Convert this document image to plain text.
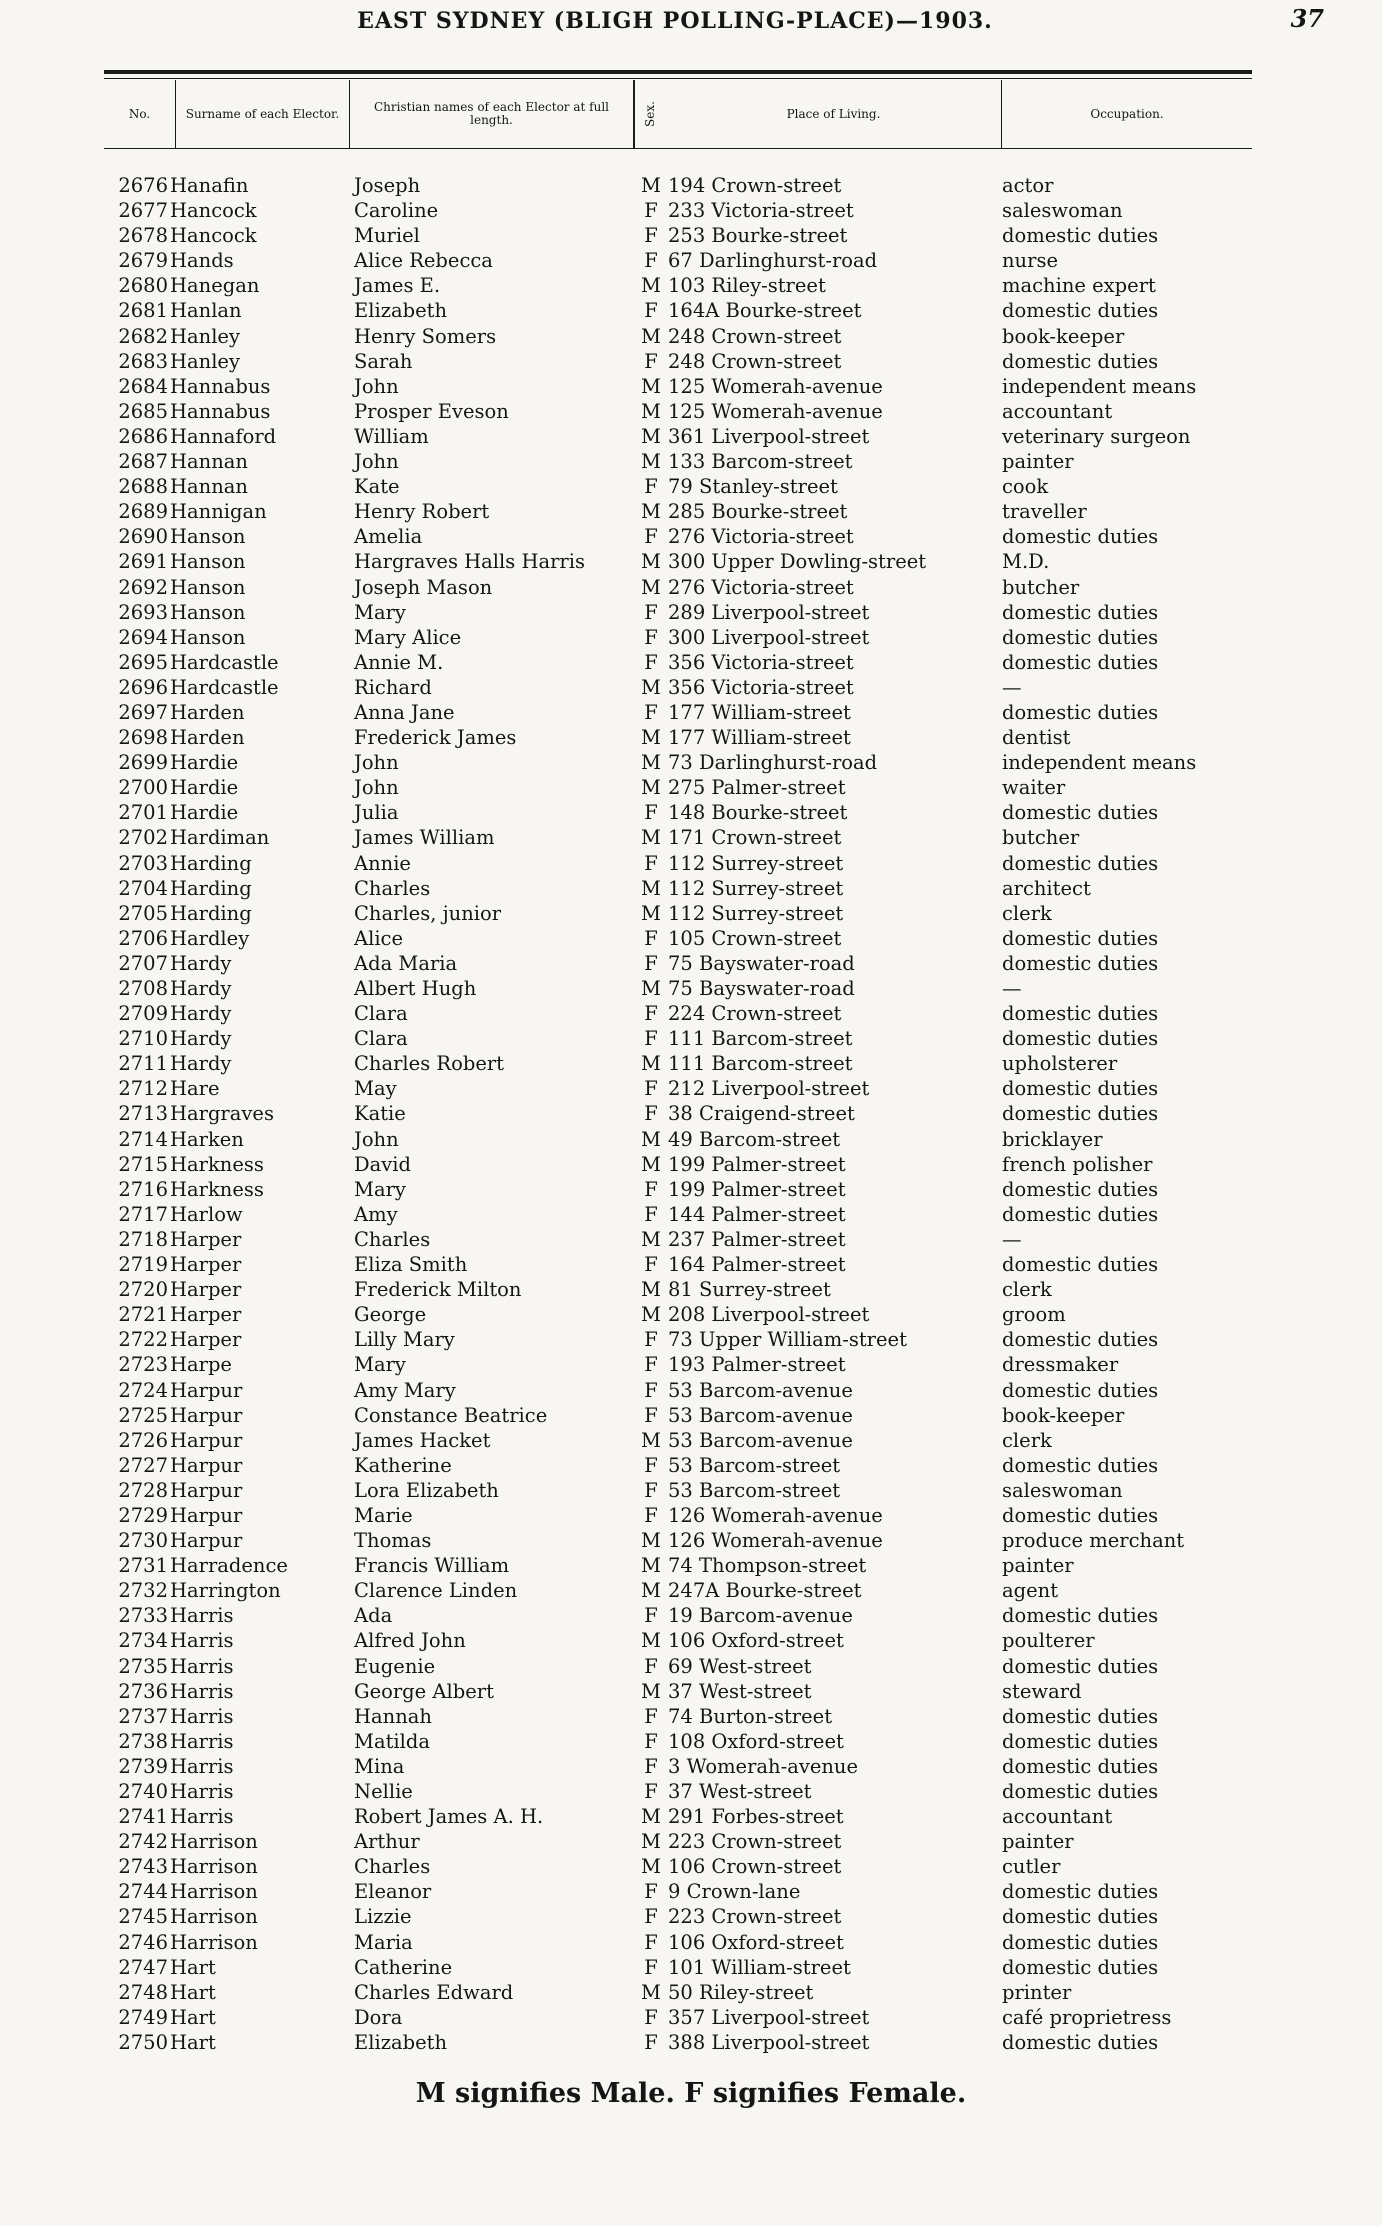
EAST SYDNEY (BLIGH POLLING-PLACE)—1903.	37
No.	Surname of each Elector.	Christian names of each Elector at full length.	Sex.	Place of Living.	Occupation.
2676 Hanafin	Joseph	M 194 Crown-street	actor
2677 Hancock	Caroline	F 233 Victoria-street	saleswoman
2678 Hancock	Muriel	F 253 Bourke-street	domestic duties
2679 Hands	Alice Rebecca	F 67 Darlinghurst-road	nurse
2680 Hanegan	James E.	M 103 Riley-street	machine expert
2681 Hanlan	Elizabeth	F 164A Bourke-street	domestic duties
2682 Hanley	Henry Somers	M 248 Crown-street	book-keeper
2683 Hanley	Sarah	F 248 Crown-street	domestic duties
2684 Hannabus	John	M 125 Womerah-avenue	independent means
2685 Hannabus	Prosper Eveson	M 125 Womerah-avenue	accountant
2686 Hannaford	William	M 361 Liverpool-street	veterinary surgeon
2687 Hannan	John	M 133 Barcom-street	painter
2688 Hannan	Kate	F 79 Stanley-street	cook
2689 Hannigan	Henry Robert	M 285 Bourke-street	traveller
2690 Hanson	Amelia	F 276 Victoria-street	domestic duties
2691 Hanson	Hargraves Halls Harris	M 300 Upper Dowling-street	M.D.
2692 Hanson	Joseph Mason	M 276 Victoria-street	butcher
2693 Hanson	Mary	F 289 Liverpool-street	domestic duties
2694 Hanson	Mary Alice	F 300 Liverpool-street	domestic duties
2695 Hardcastle	Annie M.	F 356 Victoria-street	domestic duties
2696 Hardcastle	Richard	M 356 Victoria-street	—
2697 Harden	Anna Jane	F 177 William-street	domestic duties
2698 Harden	Frederick James	M 177 William-street	dentist
2699 Hardie	John	M 73 Darlinghurst-road	independent means
2700 Hardie	John	M 275 Palmer-street	waiter
2701 Hardie	Julia	F 148 Bourke-street	domestic duties
2702 Hardiman	James William	M 171 Crown-street	butcher
2703 Harding	Annie	F 112 Surrey-street	domestic duties
2704 Harding	Charles	M 112 Surrey-street	architect
2705 Harding	Charles, junior	M 112 Surrey-street	clerk
2706 Hardley	Alice	F 105 Crown-street	domestic duties
2707 Hardy	Ada Maria	F 75 Bayswater-road	domestic duties
2708 Hardy	Albert Hugh	M 75 Bayswater-road	—
2709 Hardy	Clara	F 224 Crown-street	domestic duties
2710 Hardy	Clara	F 111 Barcom-street	domestic duties
2711 Hardy	Charles Robert	M 111 Barcom-street	upholsterer
2712 Hare	May	F 212 Liverpool-street	domestic duties
2713 Hargraves	Katie	F 38 Craigend-street	domestic duties
2714 Harken	John	M 49 Barcom-street	bricklayer
2715 Harkness	David	M 199 Palmer-street	french polisher
2716 Harkness	Mary	F 199 Palmer-street	domestic duties
2717 Harlow	Amy	F 144 Palmer-street	domestic duties
2718 Harper	Charles	M 237 Palmer-street	—
2719 Harper	Eliza Smith	F 164 Palmer-street	domestic duties
2720 Harper	Frederick Milton	M 81 Surrey-street	clerk
2721 Harper	George	M 208 Liverpool-street	groom
2722 Harper	Lilly Mary	F 73 Upper William-street	domestic duties
2723 Harpe	Mary	F 193 Palmer-street	dressmaker
2724 Harpur	Amy Mary	F 53 Barcom-avenue	domestic duties
2725 Harpur	Constance Beatrice	F 53 Barcom-avenue	book-keeper
2726 Harpur	James Hacket	M 53 Barcom-avenue	clerk
2727 Harpur	Katherine	F 53 Barcom-street	domestic duties
2728 Harpur	Lora Elizabeth	F 53 Barcom-street	saleswoman
2729 Harpur	Marie	F 126 Womerah-avenue	domestic duties
2730 Harpur	Thomas	M 126 Womerah-avenue	produce merchant
2731 Harradence	Francis William	M 74 Thompson-street	painter
2732 Harrington	Clarence Linden	M 247A Bourke-street	agent
2733 Harris	Ada	F 19 Barcom-avenue	domestic duties
2734 Harris	Alfred John	M 106 Oxford-street	poulterer
2735 Harris	Eugenie	F 69 West-street	domestic duties
2736 Harris	George Albert	M 37 West-street	steward
2737 Harris	Hannah	F 74 Burton-street	domestic duties
2738 Harris	Matilda	F 108 Oxford-street	domestic duties
2739 Harris	Mina	F 3 Womerah-avenue	domestic duties
2740 Harris	Nellie	F 37 West-street	domestic duties
2741 Harris	Robert James A. H.	M 291 Forbes-street	accountant
2742 Harrison	Arthur	M 223 Crown-street	painter
2743 Harrison	Charles	M 106 Crown-street	cutler
2744 Harrison	Eleanor	F 9 Crown-lane	domestic duties
2745 Harrison	Lizzie	F 223 Crown-street	domestic duties
2746 Harrison	Maria	F 106 Oxford-street	domestic duties
2747 Hart	Catherine	F 101 William-street	domestic duties
2748 Hart	Charles Edward	M 50 Riley-street	printer
2749 Hart	Dora	F 357 Liverpool-street	café proprietress
2750 Hart	Elizabeth	F 388 Liverpool-street	domestic duties
M signifies Male. F signifies Female.
